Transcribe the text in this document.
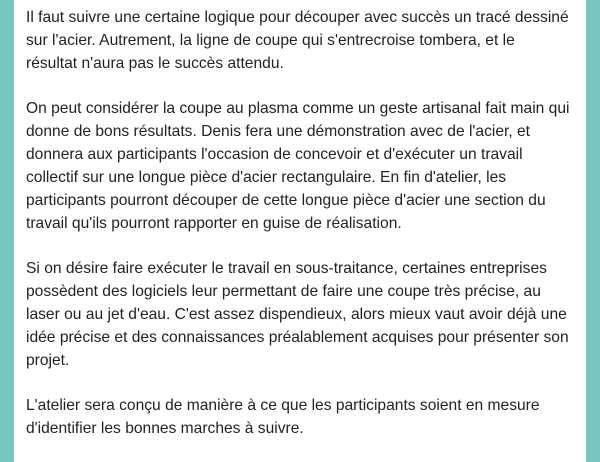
Il faut suivre une certaine logique pour découper avec succès un tracé dessiné sur l'acier. Autrement, la ligne de coupe qui s'entrecroise tombera, et le résultat n'aura pas le succès attendu.

On peut considérer la coupe au plasma comme un geste artisanal fait main qui donne de bons résultats. Denis fera une démonstration avec de l'acier, et donnera aux participants l'occasion de concevoir et d'exécuter un travail collectif sur une longue pièce d'acier rectangulaire. En fin d'atelier, les participants pourront découper de cette longue pièce d'acier une section du travail qu'ils pourront rapporter en guise de réalisation.

Si on désire faire exécuter le travail en sous-traitance, certaines entreprises possèdent des logiciels leur permettant de faire une coupe très précise, au laser ou au jet d'eau. C'est assez dispendieux, alors mieux vaut avoir déjà une idée précise et des connaissances préalablement acquises pour présenter son projet.

L'atelier sera conçu de manière à ce que les participants soient en mesure d'identifier les bonnes marches à suivre.
